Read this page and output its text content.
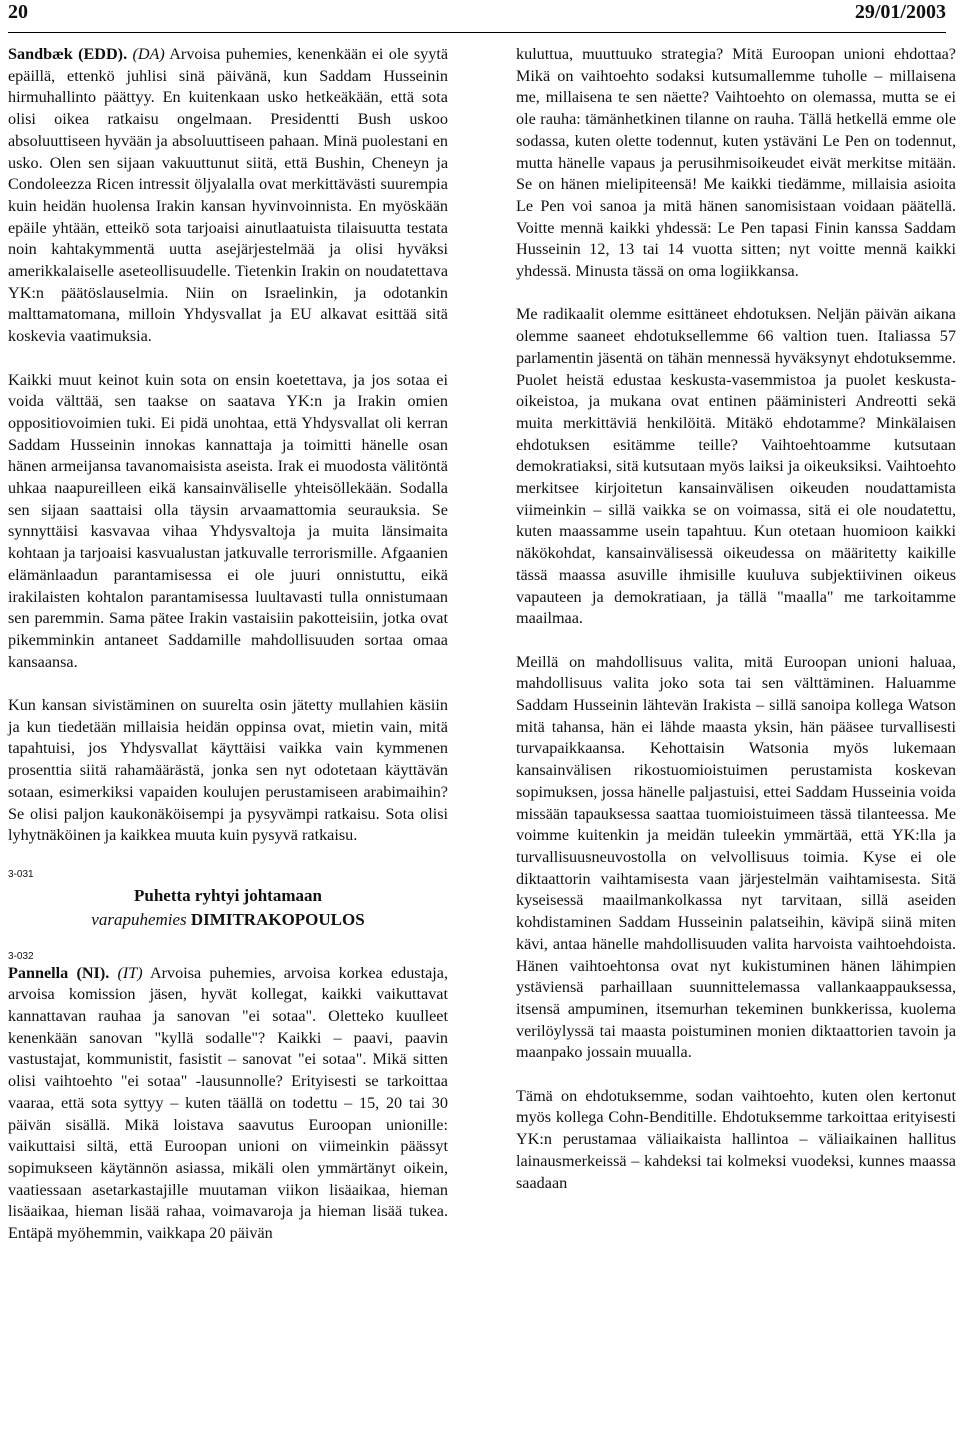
20	29/01/2003

Sandbæk (EDD). (DA) Arvoisa puhemies, kenenkään ei ole syytä epäillä, ettenkö juhlisi sinä päivänä, kun Saddam Husseinin hirmuhallinto päättyy. En kuitenkaan usko hetkeäkään, että sota olisi oikea ratkaisu ongelmaan. Presidentti Bush uskoo absoluuttiseen hyvään ja absoluuttiseen pahaan. Minä puolestani en usko. Olen sen sijaan vakuuttunut siitä, että Bushin, Cheneyn ja Condoleezza Ricen intressit öljyalalla ovat merkittävästi suurempia kuin heidän huolensa Irakin kansan hyvinvoinnista. En myöskään epäile yhtään, etteikö sota tarjoaisi ainutlaatuista tilaisuutta testata noin kahtakymmentä uutta asejärjestelmää ja olisi hyväksi amerikkalaiselle aseteollisuudelle. Tietenkin Irakin on noudatettava YK:n päätöslauselmia. Niin on Israelinkin, ja odotankin malttamatomana, milloin Yhdysvallat ja EU alkavat esittää sitä koskevia vaatimuksia.

Kaikki muut keinot kuin sota on ensin koetettava, ja jos sotaa ei voida välttää, sen taakse on saatava YK:n ja Irakin omien oppositiovoimien tuki. Ei pidä unohtaa, että Yhdysvallat oli kerran Saddam Husseinin innokas kannattaja ja toimitti hänelle osan hänen armeijansa tavanomaisista aseista. Irak ei muodosta välitöntä uhkaa naapureilleen eikä kansainväliselle yhteisöllekään. Sodalla sen sijaan saattaisi olla täysin arvaamattomia seurauksia. Se synnyttäisi kasvavaa vihaa Yhdysvaltoja ja muita länsimaita kohtaan ja tarjoaisi kasvualustan jatkuvalle terrorismille. Afgaanien elämänlaadun parantamisessa ei ole juuri onnistuttu, eikä irakilaisten kohtalon parantamisessa luultavasti tulla onnistumaan sen paremmin. Sama pätee Irakin vastaisiin pakotteisiin, jotka ovat pikemminkin antaneet Saddamille mahdollisuuden sortaa omaa kansaansa.

Kun kansan sivistäminen on suurelta osin jätetty mullahien käsiin ja kun tiedetään millaisia heidän oppinsa ovat, mietin vain, mitä tapahtuisi, jos Yhdysvallat käyttäisi vaikka vain kymmenen prosenttia siitä rahamäärästä, jonka sen nyt odotetaan käyttävän sotaan, esimerkiksi vapaiden koulujen perustamiseen arabimaihin? Se olisi paljon kaukonäköisempi ja pysyvämpi ratkaisu. Sota olisi lyhytnäköinen ja kaikkea muuta kuin pysyvä ratkaisu.

3-031
Puhetta ryhtyi johtamaan
varapuhemies DIMITRAKOPOULOS
3-032

Pannella (NI). (IT) Arvoisa puhemies, arvoisa korkea edustaja, arvoisa komission jäsen, hyvät kollegat, kaikki vaikuttavat kannattavan rauhaa ja sanovan "ei sotaa". Oletteko kuulleet kenenkään sanovan "kyllä sodalle"? Kaikki – paavi, paavin vastustajat, kommunistit, fasistit – sanovat "ei sotaa". Mikä sitten olisi vaihtoehto "ei sotaa" -lausunnolle? Erityisesti se tarkoittaa vaaraa, että sota syttyy – kuten täällä on todettu – 15, 20 tai 30 päivän sisällä. Mikä loistava saavutus Euroopan unionille: vaikuttaisi siltä, että Euroopan unioni on viimeinkin päässyt sopimukseen käytännön asiassa, mikäli olen ymmärtänyt oikein, vaatiessaan asetarkastajille muutaman viikon lisäaikaa, hieman lisäaikaa, hieman lisää rahaa, voimavaroja ja hieman lisää tukea. Entäpä myöhemmin, vaikkapa 20 päivän

kuluttua, muuttuuko strategia? Mitä Euroopan unioni ehdottaa? Mikä on vaihtoehto sodaksi kutsumallemme tuholle – millaisena me, millaisena te sen näette? Vaihtoehto on olemassa, mutta se ei ole rauha: tämänhetkinen tilanne on rauha. Tällä hetkellä emme ole sodassa, kuten olette todennut, kuten ystäväni Le Pen on todennut, mutta hänelle vapaus ja perusihmisoikeudet eivät merkitse mitään. Se on hänen mielipiteensä! Me kaikki tiedämme, millaisia asioita Le Pen voi sanoa ja mitä hänen sanomisistaan voidaan päätellä. Voitte mennä kaikki yhdessä: Le Pen tapasi Finin kanssa Saddam Husseinin 12, 13 tai 14 vuotta sitten; nyt voitte mennä kaikki yhdessä. Minusta tässä on oma logiikkansa.

Me radikaalit olemme esittäneet ehdotuksen. Neljän päivän aikana olemme saaneet ehdotuksellemme 66 valtion tuen. Italiassa 57 parlamentin jäsentä on tähän mennessä hyväksynyt ehdotuksemme. Puolet heistä edustaa keskusta-vasemmistoa ja puolet keskusta-oikeistoa, ja mukana ovat entinen pääministeri Andreotti sekä muita merkittäviä henkilöitä. Mitäkö ehdotamme? Minkälaisen ehdotuksen esitämme teille? Vaihtoehtoamme kutsutaan demokratiaksi, sitä kutsutaan myös laiksi ja oikeuksiksi. Vaihtoehto merkitsee kirjoitetun kansainvälisen oikeuden noudattamista viimeinkin – sillä vaikka se on voimassa, sitä ei ole noudatettu, kuten maassamme usein tapahtuu. Kun otetaan huomioon kaikki näkökohdat, kansainvälisessä oikeudessa on määritetty kaikille tässä maassa asuville ihmisille kuuluva subjektiivinen oikeus vapauteen ja demokratiaan, ja tällä "maalla" me tarkoitamme maailmaa.

Meillä on mahdollisuus valita, mitä Euroopan unioni haluaa, mahdollisuus valita joko sota tai sen välttäminen. Haluamme Saddam Husseinin lähtevän Irakista – sillä sanoipa kollega Watson mitä tahansa, hän ei lähde maasta yksin, hän pääsee turvallisesti turvapaikkaansa. Kehottaisin Watsonia myös lukemaan kansainvälisen rikostuomioistuimen perustamista koskevan sopimuksen, jossa hänelle paljastuisi, ettei Saddam Husseinia voida missään tapauksessa saattaa tuomioistuimeen tässä tilanteessa. Me voimme kuitenkin ja meidän tuleekin ymmärtää, että YK:lla ja turvallisuusneuvostolla on velvollisuus toimia. Kyse ei ole diktaattorin vaihtamisesta vaan järjestelmän vaihtamisesta. Sitä kyseisessä maailmankolkassa nyt tarvitaan, sillä aseiden kohdistaminen Saddam Husseinin palatseihin, kävipä siinä miten kävi, antaa hänelle mahdollisuuden valita harvoista vaihtoehdoista. Hänen vaihtoehtonsa ovat nyt kukistuminen hänen lähimpien ystäviensä parhaillaan suunnittelemassa vallankaappauksessa, itsensä ampuminen, itsemurhan tekeminen bunkkerissa, kuolema verilöylyssä tai maasta poistuminen monien diktaattorien tavoin ja maanpako jossain muualla.

Tämä on ehdotuksemme, sodan vaihtoehto, kuten olen kertonut myös kollega Cohn-Benditille. Ehdotuksemme tarkoittaa erityisesti YK:n perustamaa väliaikaista hallintoa – väliaikainen hallitus lainausmerkeissä – kahdeksi tai kolmeksi vuodeksi, kunnes maassa saadaan
